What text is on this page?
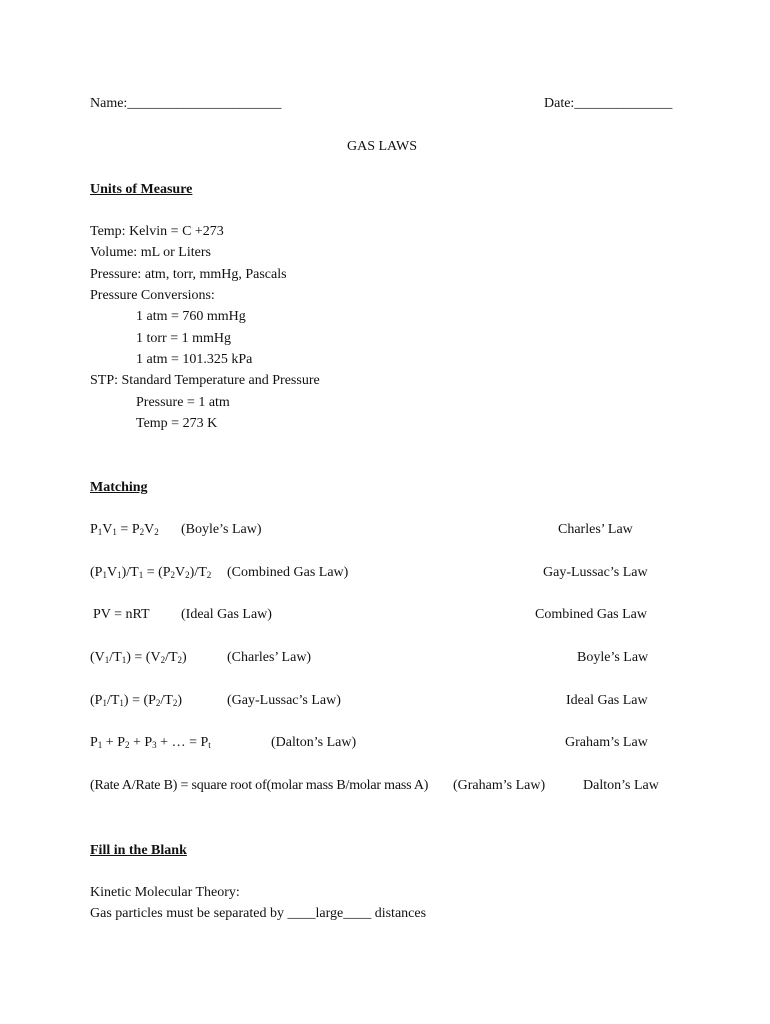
Name:______________________	Date:______________
GAS LAWS
Units of Measure
Temp: Kelvin = C +273
Volume: mL or Liters
Pressure: atm, torr, mmHg, Pascals
Pressure Conversions:
1 atm = 760 mmHg
1 torr = 1 mmHg
1 atm = 101.325 kPa
STP: Standard Temperature and Pressure
Pressure = 1 atm
Temp = 273 K
Matching
$P_1V_1 = P_2V_2$ (Boyle’s Law)	Charles’ Law
$(P_1V_1)/T_1 = (P_2V_2)/T_2$ (Combined Gas Law)	Gay-Lussac’s Law
PV = nRT (Ideal Gas Law)	Combined Gas Law
$(V_1/T_1) = (V_2/T_2)$	(Charles’ Law)	Boyle’s Law
$(P_1/T_1) = (P_2/T_2)$	(Gay-Lussac’s Law)	Ideal Gas Law
$P_1 + P_2 + P_3$ + … = $P_t$	(Dalton’s Law)	Graham’s Law
(Rate A/Rate B) = square root of(molar mass B/molar mass A) (Graham’s Law)	Dalton’s Law
Fill in the Blank
Kinetic Molecular Theory:
Gas particles must be separated by ____large____ distances
